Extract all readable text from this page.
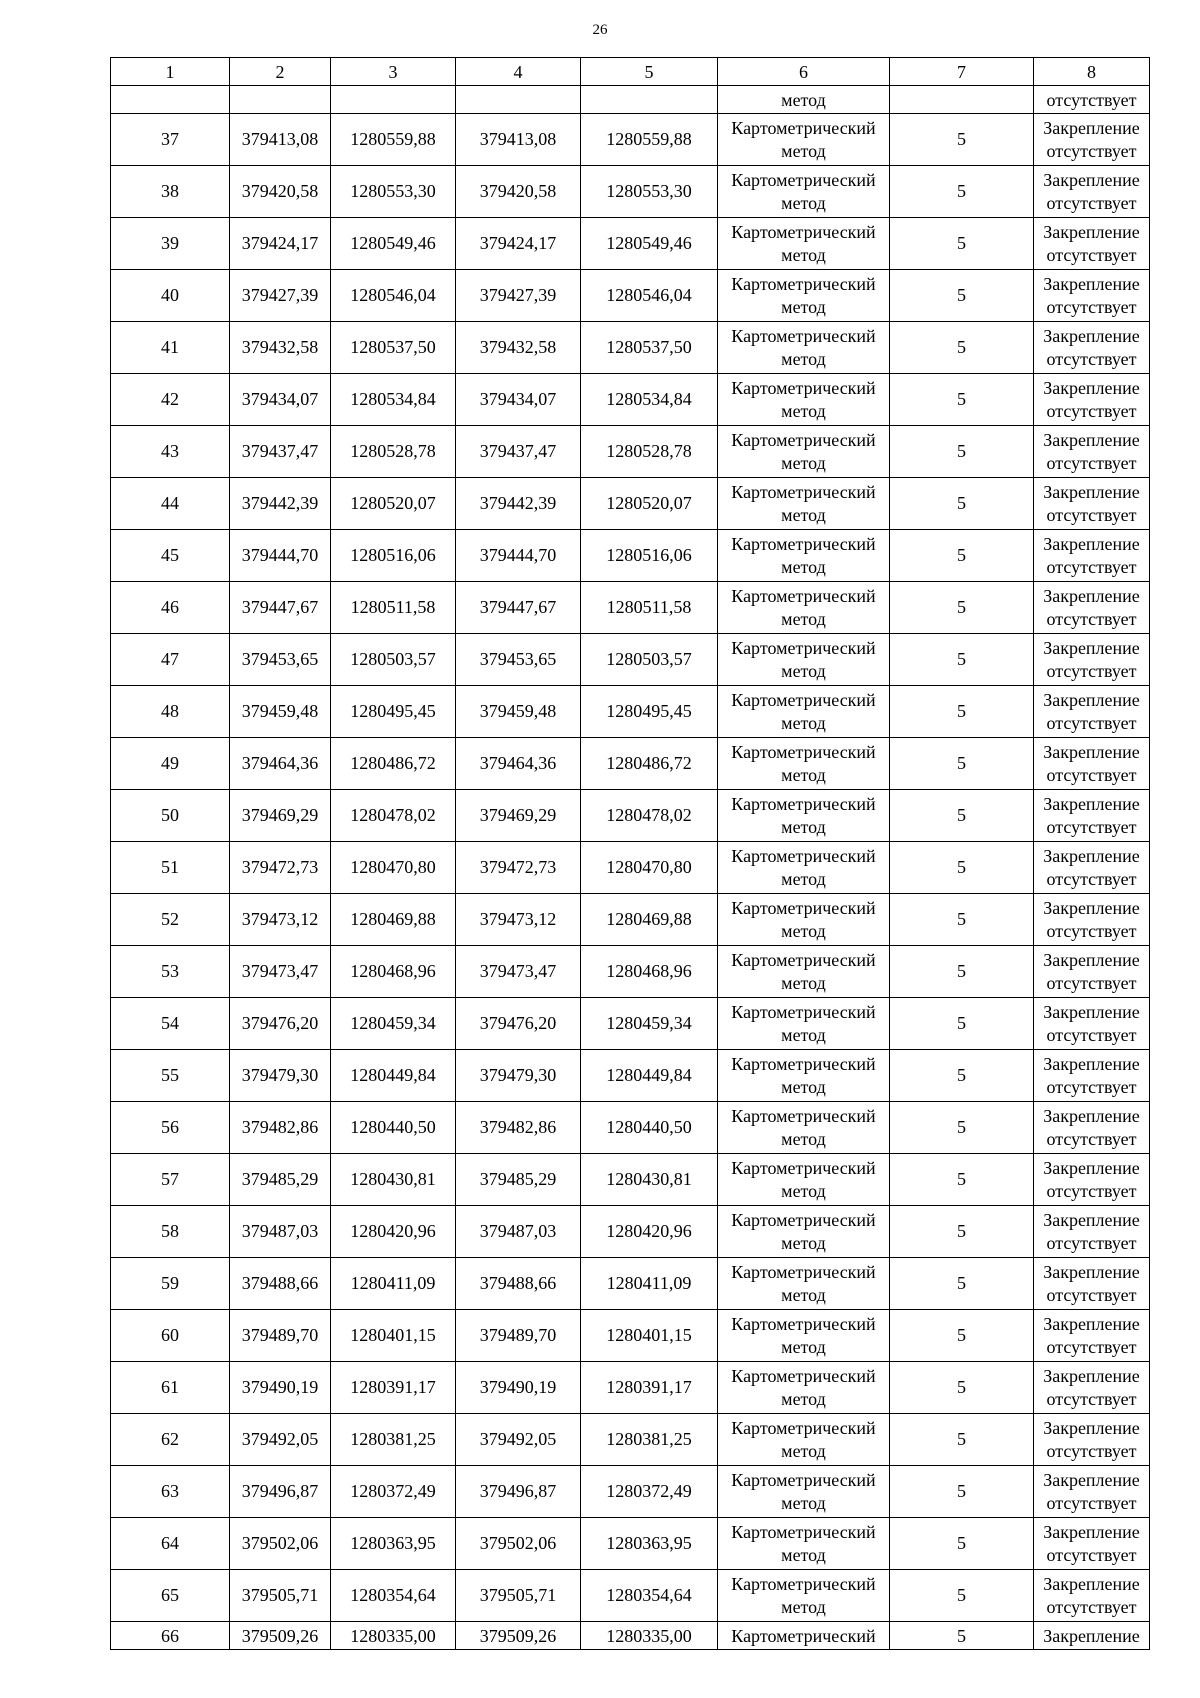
26
1	2	3	4	5	6	7	8
					метод		отсутствует
37	379413,08	1280559,88	379413,08	1280559,88	Картометрический
метод	5	Закрепление
отсутствует

38	379420,58	1280553,30	379420,58	1280553,30	Картометрический
метод	5	Закрепление
отсутствует

39	379424,17	1280549,46	379424,17	1280549,46	Картометрический
метод	5	Закрепление
отсутствует

40	379427,39	1280546,04	379427,39	1280546,04	Картометрический
метод	5	Закрепление
отсутствует

41	379432,58	1280537,50	379432,58	1280537,50	Картометрический
метод	5	Закрепление
отсутствует

42	379434,07	1280534,84	379434,07	1280534,84	Картометрический
метод	5	Закрепление
отсутствует

43	379437,47	1280528,78	379437,47	1280528,78	Картометрический
метод	5	Закрепление
отсутствует

44	379442,39	1280520,07	379442,39	1280520,07	Картометрический
метод	5	Закрепление
отсутствует

45	379444,70	1280516,06	379444,70	1280516,06	Картометрический
метод	5	Закрепление
отсутствует

46	379447,67	1280511,58	379447,67	1280511,58	Картометрический
метод	5	Закрепление
отсутствует

47	379453,65	1280503,57	379453,65	1280503,57	Картометрический
метод	5	Закрепление
отсутствует

48	379459,48	1280495,45	379459,48	1280495,45	Картометрический
метод	5	Закрепление
отсутствует

49	379464,36	1280486,72	379464,36	1280486,72	Картометрический
метод	5	Закрепление
отсутствует

50	379469,29	1280478,02	379469,29	1280478,02	Картометрический
метод	5	Закрепление
отсутствует

51	379472,73	1280470,80	379472,73	1280470,80	Картометрический
метод	5	Закрепление
отсутствует

52	379473,12	1280469,88	379473,12	1280469,88	Картометрический
метод	5	Закрепление
отсутствует

53	379473,47	1280468,96	379473,47	1280468,96	Картометрический
метод	5	Закрепление
отсутствует

54	379476,20	1280459,34	379476,20	1280459,34	Картометрический
метод	5	Закрепление
отсутствует

55	379479,30	1280449,84	379479,30	1280449,84	Картометрический
метод	5	Закрепление
отсутствует

56	379482,86	1280440,50	379482,86	1280440,50	Картометрический
метод	5	Закрепление
отсутствует

57	379485,29	1280430,81	379485,29	1280430,81	Картометрический
метод	5	Закрепление
отсутствует

58	379487,03	1280420,96	379487,03	1280420,96	Картометрический
метод	5	Закрепление
отсутствует

59	379488,66	1280411,09	379488,66	1280411,09	Картометрический
метод	5	Закрепление
отсутствует

60	379489,70	1280401,15	379489,70	1280401,15	Картометрический
метод	5	Закрепление
отсутствует

61	379490,19	1280391,17	379490,19	1280391,17	Картометрический
метод	5	Закрепление
отсутствует

62	379492,05	1280381,25	379492,05	1280381,25	Картометрический
метод	5	Закрепление
отсутствует

63	379496,87	1280372,49	379496,87	1280372,49	Картометрический
метод	5	Закрепление
отсутствует

64	379502,06	1280363,95	379502,06	1280363,95	Картометрический
метод	5	Закрепление
отсутствует

65	379505,71	1280354,64	379505,71	1280354,64	Картометрический
метод	5	Закрепление
отсутствует

66	379509,26	1280335,00	379509,26	1280335,00	Картометрический	5	Закрепление
